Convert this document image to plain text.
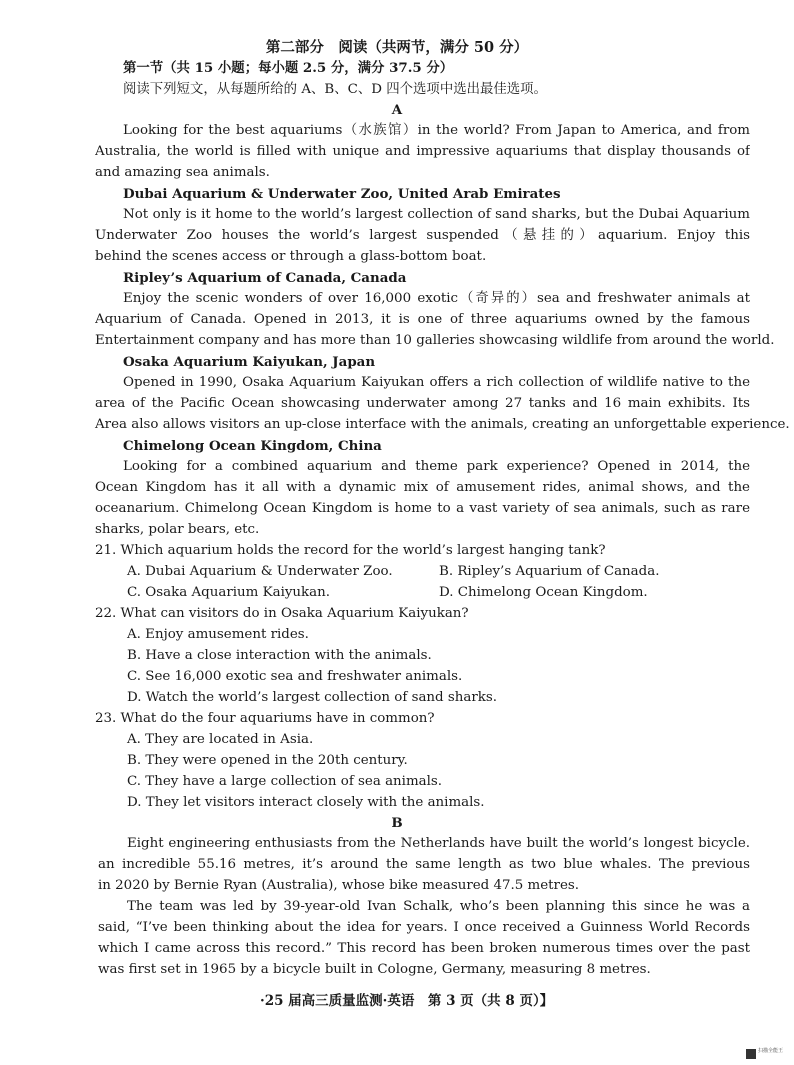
第二部分　阅读（共两节，满分 50 分）
第一节（共 15 小题；每小题 2.5 分，满分 37.5 分）
阅读下列短文，从每题所给的 A、B、C、D 四个选项中选出最佳选项。
A
Looking for the best aquariums（水族馆）in the world? From Japan to America, and from
Australia, the world is filled with unique and impressive aquariums that display thousands of
and amazing sea animals.
Dubai Aquarium & Underwater Zoo, United Arab Emirates
Not only is it home to the world’s largest collection of sand sharks, but the Dubai Aquarium
Underwater Zoo houses the world’s largest suspended（悬挂的）aquarium. Enjoy this
behind the scenes access or through a glass-bottom boat.
Ripley’s Aquarium of Canada, Canada
Enjoy the scenic wonders of over 16,000 exotic（奇异的）sea and freshwater animals at
Aquarium of Canada. Opened in 2013, it is one of three aquariums owned by the famous
Entertainment company and has more than 10 galleries showcasing wildlife from around the world.
Osaka Aquarium Kaiyukan, Japan
Opened in 1990, Osaka Aquarium Kaiyukan offers a rich collection of wildlife native to the
area of the Pacific Ocean showcasing underwater among 27 tanks and 16 main exhibits. Its
Area also allows visitors an up-close interface with the animals, creating an unforgettable experience.
Chimelong Ocean Kingdom, China
Looking for a combined aquarium and theme park experience? Opened in 2014, the
Ocean Kingdom has it all with a dynamic mix of amusement rides, animal shows, and the
oceanarium. Chimelong Ocean Kingdom is home to a vast variety of sea animals, such as rare
sharks, polar bears, etc.
21. Which aquarium holds the record for the world’s largest hanging tank?
A. Dubai Aquarium & Underwater Zoo.	B. Ripley’s Aquarium of Canada.
C. Osaka Aquarium Kaiyukan.	D. Chimelong Ocean Kingdom.
22. What can visitors do in Osaka Aquarium Kaiyukan?
A. Enjoy amusement rides.
B. Have a close interaction with the animals.
C. See 16,000 exotic sea and freshwater animals.
D. Watch the world’s largest collection of sand sharks.
23. What do the four aquariums have in common?
A. They are located in Asia.
B. They were opened in the 20th century.
C. They have a large collection of sea animals.
D. They let visitors interact closely with the animals.
B
Eight engineering enthusiasts from the Netherlands have built the world’s longest bicycle.
an incredible 55.16 metres, it’s around the same length as two blue whales. The previous
in 2020 by Bernie Ryan (Australia), whose bike measured 47.5 metres.
The team was led by 39-year-old Ivan Schalk, who’s been planning this since he was a
said, “I’ve been thinking about the idea for years. I once received a Guinness World Records
which I came across this record.” This record has been broken numerous times over the past
was first set in 1965 by a bicycle built in Cologne, Germany, measuring 8 metres.
·25 届高三质量监测·英语　第 3 页（共 8 页）】
扫描全能王
